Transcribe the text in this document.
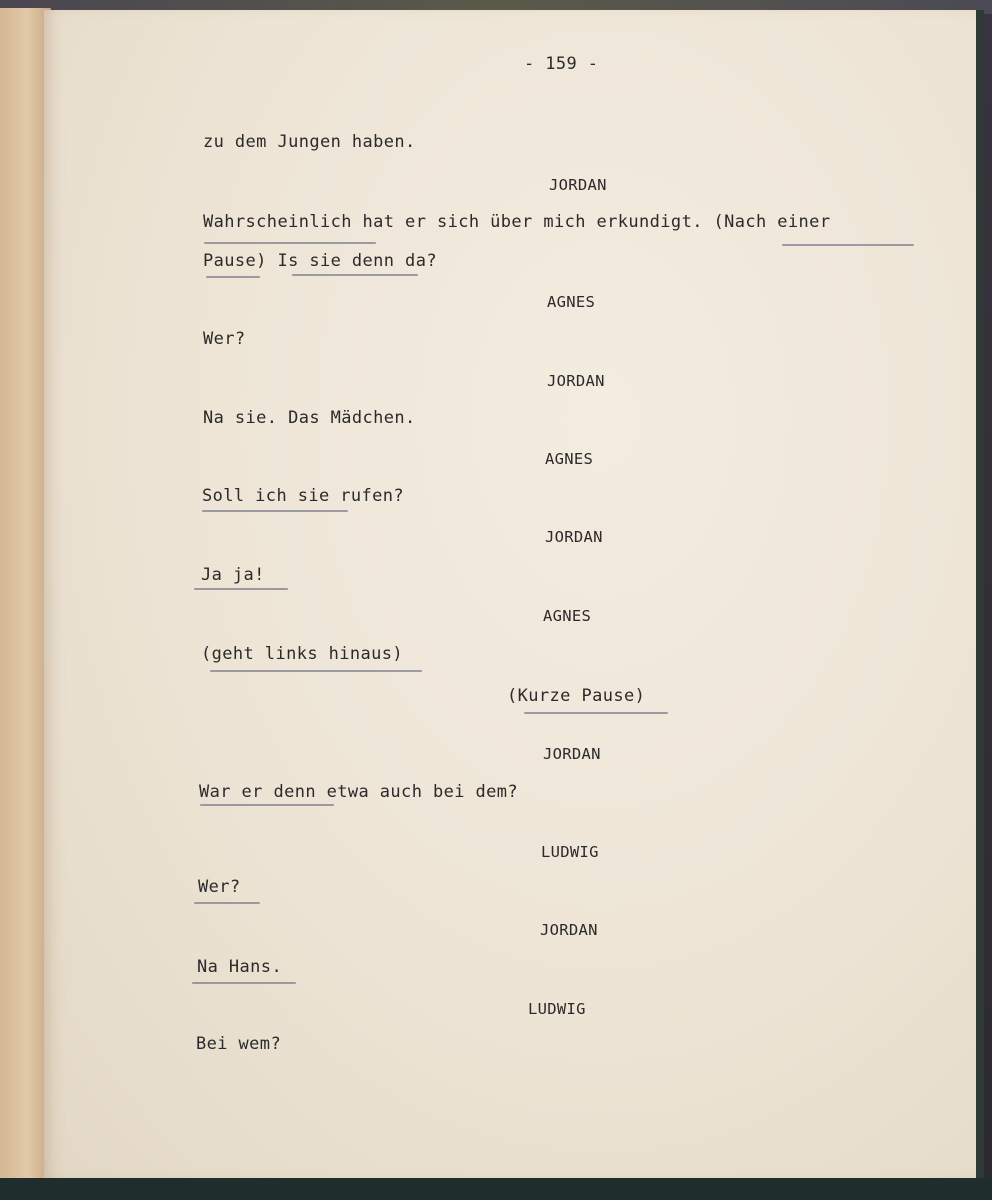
- 159 -
zu dem Jungen haben.
JORDAN
Wahrscheinlich hat er sich über mich erkundigt. (Nach einer
Pause) Is sie denn da?
AGNES
Wer?
JORDAN
Na sie. Das Mädchen.
AGNES
Soll ich sie rufen?
JORDAN
Ja ja!
AGNES
(geht links hinaus)
(Kurze Pause)
JORDAN
War er denn etwa auch bei dem?
LUDWIG
Wer?
JORDAN
Na Hans.
LUDWIG
Bei wem?
